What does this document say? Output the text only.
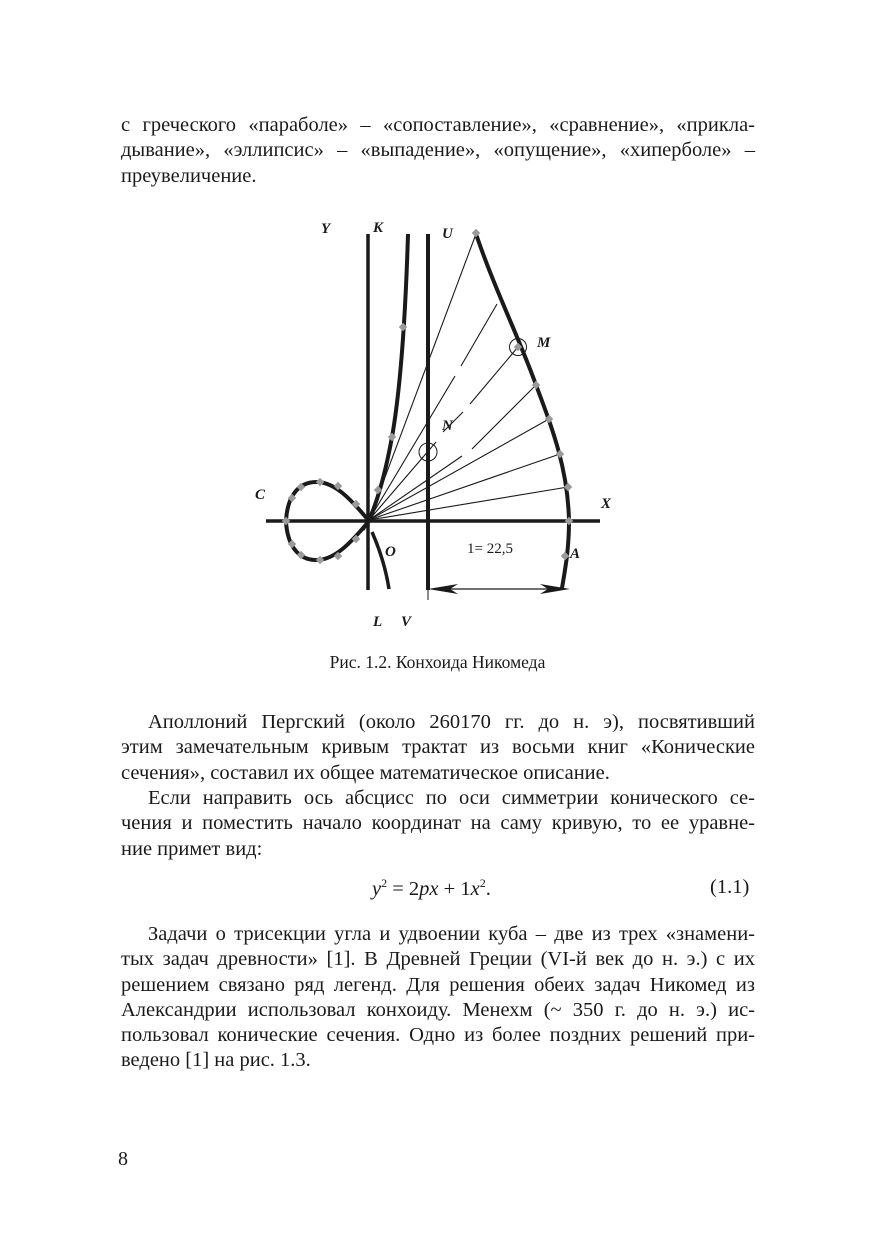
с греческого «параболе» – «сопоставление», «сравнение», «прикла-
дывание», «эллипсис» – «выпадение», «опущение», «хиперболе» –
преувеличение.
Y	K	U
M
N
C
X
O	A
L V
1= 22,5
Рис. 1.2. Конхоида Никомеда
Аполлоний Пергский (около 260170 гг. до н. э), посвятивший
этим замечательным кривым трактат из восьми книг «Конические
сечения», составил их общее математическое описание.
Если направить ось абсцисс по оси симметрии конического се-
чения и поместить начало координат на саму кривую, то ее уравне-
ние примет вид:
$y^2 = 2px + 1x^2$.	(1.1)
Задачи о трисекции угла и удвоении куба – две из трех «знамени-
тых задач древности» [1]. В Древней Греции (VI-й век до н. э.) с их
решением связано ряд легенд. Для решения обеих задач Никомед из
Александрии использовал конхоиду. Менехм (~ 350 г. до н. э.) ис-
пользовал конические сечения. Одно из более поздних решений при-
ведено [1] на рис. 1.3.
8
